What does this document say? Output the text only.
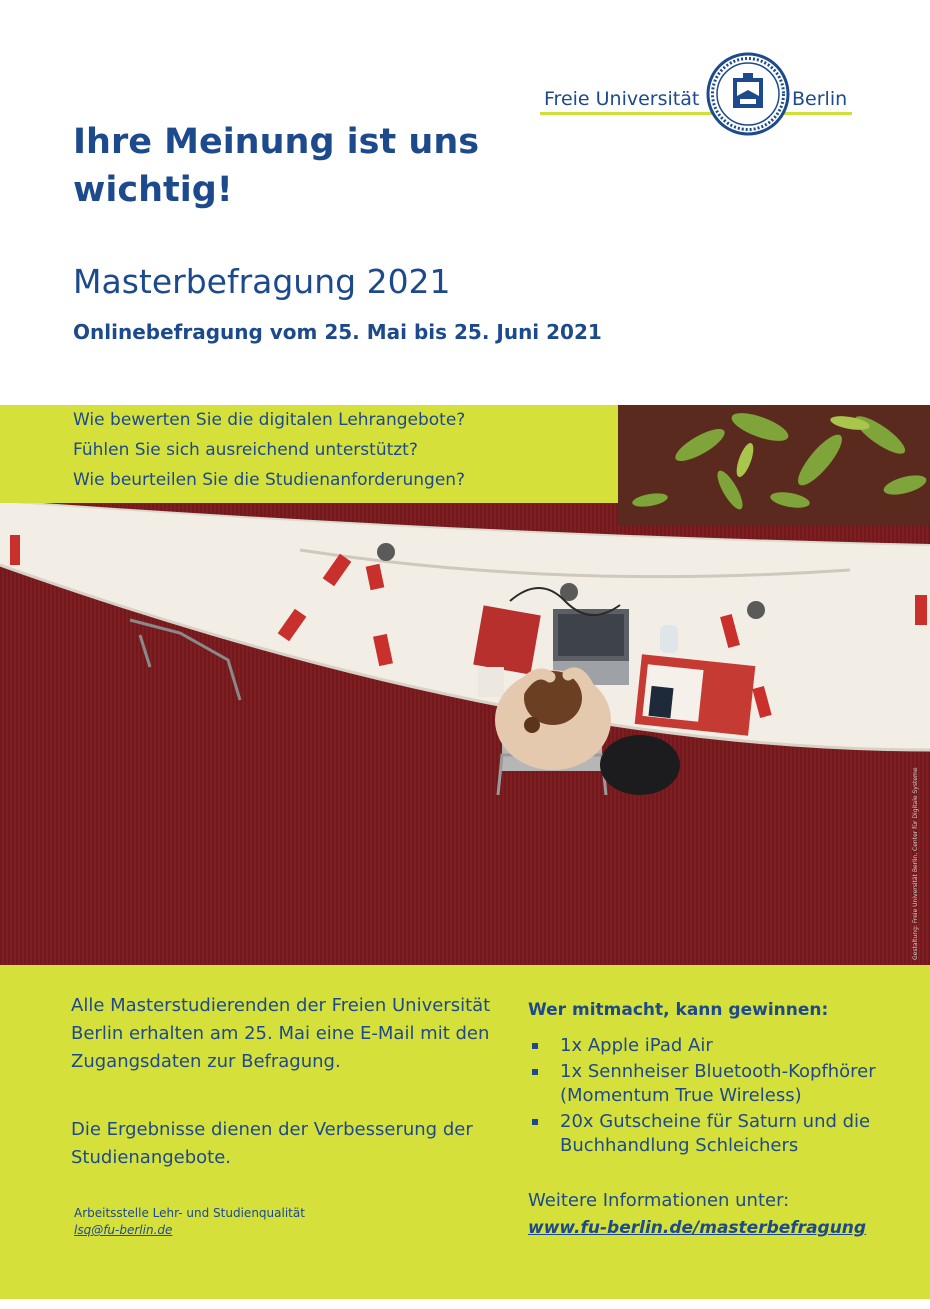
Freie Universität	Berlin
Ihre Meinung ist uns wichtig!
Masterbefragung 2021

Onlinebefragung vom 25. Mai bis 25. Juni 2021

Wie bewerten Sie die digitalen Lehrangebote?

Fühlen Sie sich ausreichend unterstützt?

Wie beurteilen Sie die Studienanforderungen?

Gestaltung: Freie Universität Berlin, Center für Digitale Systeme

Alle Masterstudierenden der Freien Universität Berlin erhalten am 25. Mai eine E-Mail mit den Zugangsdaten zur Befragung.

Die Ergebnisse dienen der Verbesserung der Studienangebote.

Arbeitsstelle Lehr- und Studienqualität

lsq@fu-berlin.de

Wer mitmacht, kann gewinnen:

1x Apple iPad Air
1x Sennheiser Bluetooth-Kopfhörer (Momentum True Wireless)
20x Gutscheine für Saturn und die Buchhandlung Schleichers

Weitere Informationen unter:

www.fu-berlin.de/masterbefragung
